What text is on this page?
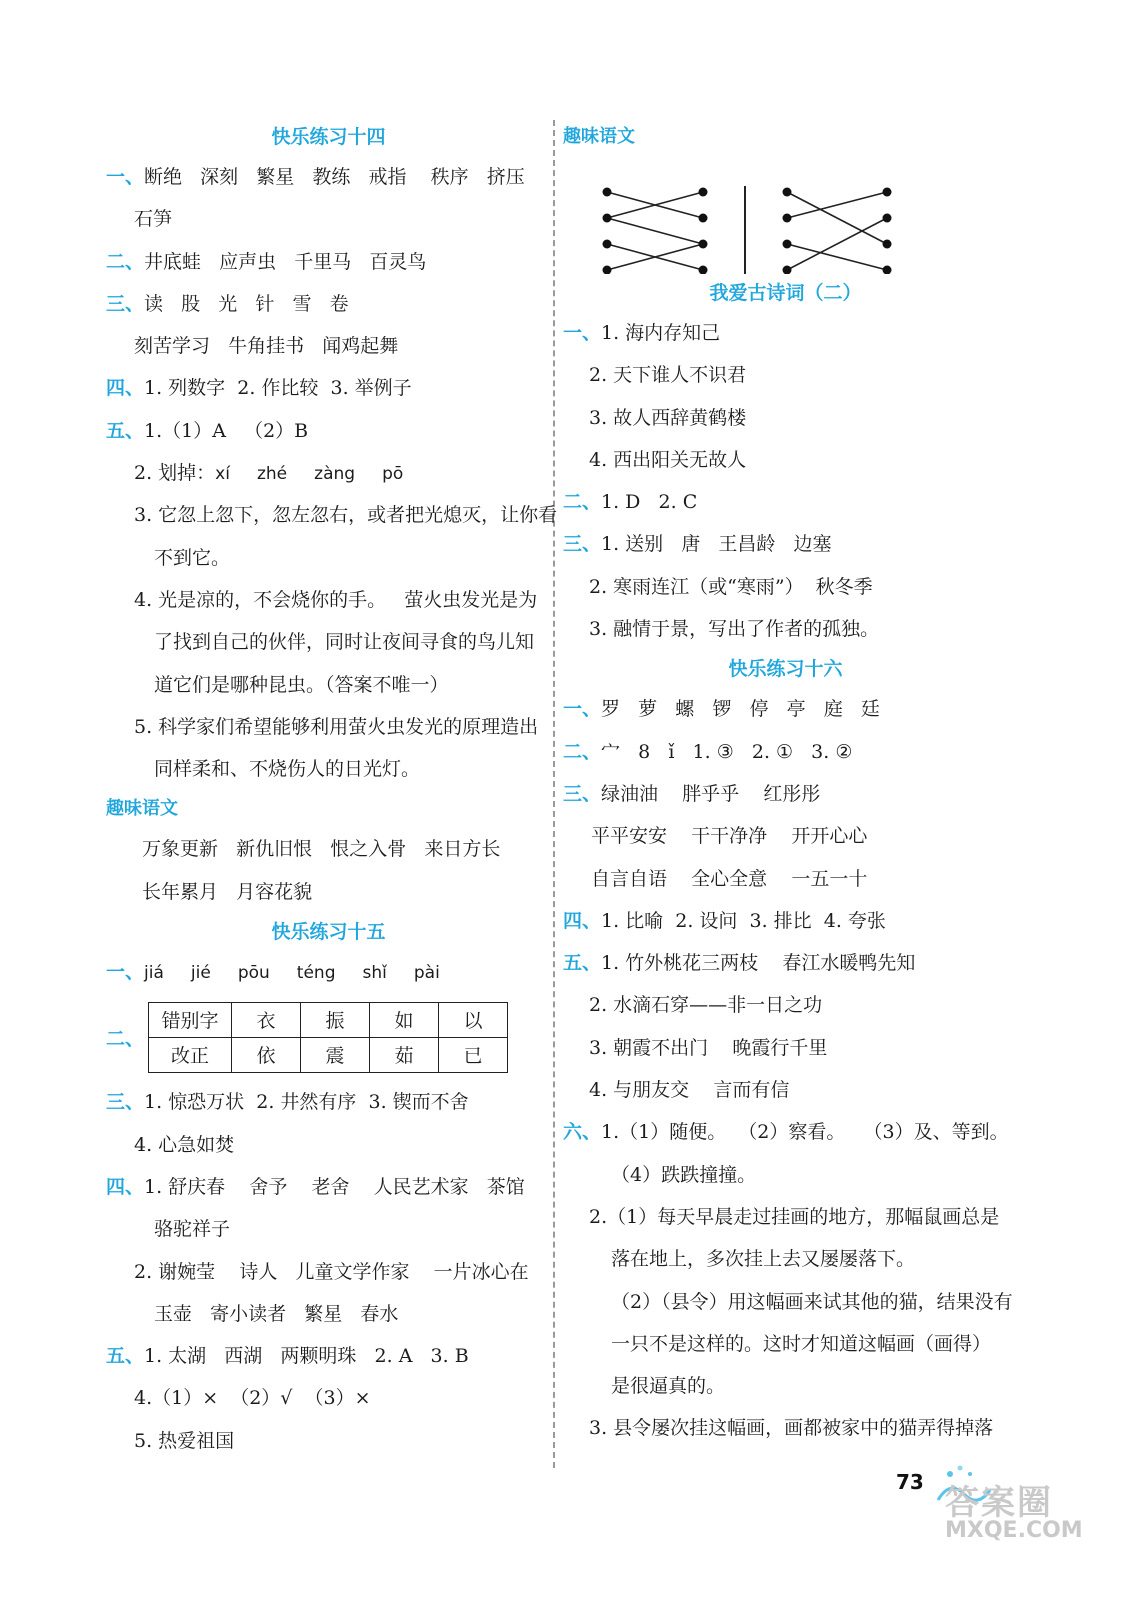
快乐练习十四
一、断绝   深刻   繁星   教练   戒指    秩序   挤压
石笋
二、井底蛙   应声虫   千里马   百灵鸟
三、读   股   光   针   雪   卷
刻苦学习   牛角挂书   闻鸡起舞
四、1. 列数字  2. 作比较  3. 举例子
五、1.（1）A   （2）B
2. 划掉：xí     zhé     zàng     pō
3. 它忽上忽下，忽左忽右，或者把光熄灭，让你看
不到它。
4. 光是凉的，不会烧你的手。   萤火虫发光是为
了找到自己的伙伴，同时让夜间寻食的鸟儿知
道它们是哪种昆虫。（答案不唯一）
5. 科学家们希望能够利用萤火虫发光的原理造出
同样柔和、不烧伤人的日光灯。
趣味语文
万象更新   新仇旧恨   恨之入骨   来日方长
长年累月   月容花貌
快乐练习十五
一、jiá     jié     pōu     téng     shǐ     pài
二、
错别字	衣	振	如	以
改正	依	震	茹	已
三、1. 惊恐万状  2. 井然有序  3. 锲而不舍
4. 心急如焚
四、1. 舒庆春    舍予    老舍    人民艺术家   茶馆
骆驼祥子
2. 谢婉莹    诗人   儿童文学作家    一片冰心在
玉壶   寄小读者   繁星   春水
五、1. 太湖   西湖   两颗明珠   2. A   3. B
4.（1）×  （2）√  （3）×
5. 热爱祖国
趣味语文
我爱古诗词（二）
一、1. 海内存知己
2. 天下谁人不识君
3. 故人西辞黄鹤楼
4. 西出阳关无故人
二、1. D   2. C
三、1. 送别   唐   王昌龄   边塞
2. 寒雨连江（或“寒雨”）  秋冬季
3. 融情于景，写出了作者的孤独。
快乐练习十六
一、罗   萝   螺   锣   停   亭   庭   廷
二、宀   8   ǐ   1. ③   2. ①   3. ②
三、绿油油    胖乎乎    红彤彤
平平安安    干干净净    开开心心
自言自语    全心全意    一五一十
四、1. 比喻  2. 设问  3. 排比  4. 夸张
五、1. 竹外桃花三两枝    春江水暖鸭先知
2. 水滴石穿——非一日之功
3. 朝霞不出门    晚霞行千里
4. 与朋友交    言而有信
六、1.（1）随便。  （2）察看。   （3）及、等到。
（4）跌跌撞撞。
2.（1）每天早晨走过挂画的地方，那幅鼠画总是
落在地上，多次挂上去又屡屡落下。
（2）（县令）用这幅画来试其他的猫，结果没有
一只不是这样的。这时才知道这幅画（画得）
是很逼真的。
3. 县令屡次挂这幅画，画都被家中的猫弄得掉落
73
答案圈
MXQE.COM
